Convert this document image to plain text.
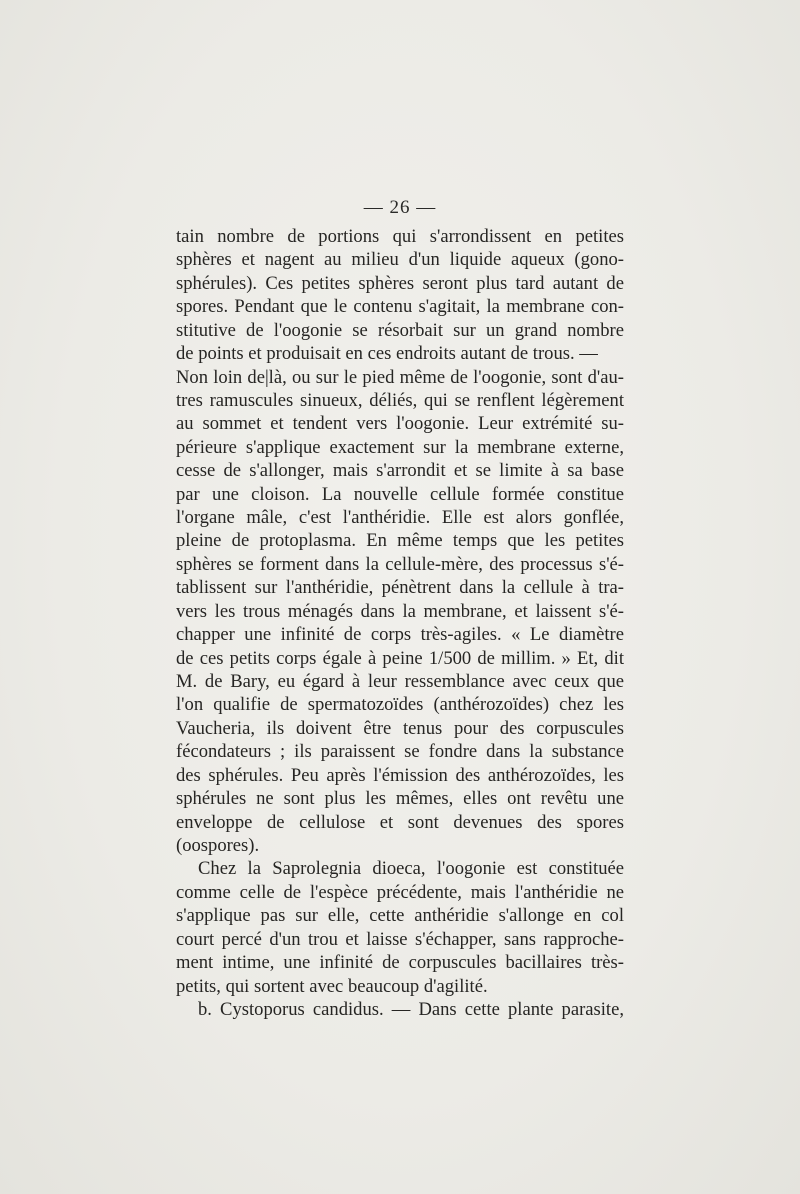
— 26 —
tain nombre de portions qui s'arrondissent en petites
sphères et nagent au milieu d'un liquide aqueux (gono-
sphérules). Ces petites sphères seront plus tard autant de
spores. Pendant que le contenu s'agitait, la membrane con-
stitutive de l'oogonie se résorbait sur un grand nombre
de points et produisait en ces endroits autant de trous. —
Non loin de|là, ou sur le pied même de l'oogonie, sont d'au-
tres ramuscules sinueux, déliés, qui se renflent légèrement
au sommet et tendent vers l'oogonie. Leur extrémité su-
périeure s'applique exactement sur la membrane externe,
cesse de s'allonger, mais s'arrondit et se limite à sa base
par une cloison. La nouvelle cellule formée constitue
l'organe mâle, c'est l'anthéridie. Elle est alors gonflée,
pleine de protoplasma. En même temps que les petites
sphères se forment dans la cellule-mère, des processus s'é-
tablissent sur l'anthéridie, pénètrent dans la cellule à tra-
vers les trous ménagés dans la membrane, et laissent s'é-
chapper une infinité de corps très-agiles. « Le diamètre
de ces petits corps égale à peine 1/500 de millim. » Et, dit
M. de Bary, eu égard à leur ressemblance avec ceux que
l'on qualifie de spermatozoïdes (anthérozoïdes) chez les
Vaucheria, ils doivent être tenus pour des corpuscules
fécondateurs ; ils paraissent se fondre dans la substance
des sphérules. Peu après l'émission des anthérozoïdes, les
sphérules ne sont plus les mêmes, elles ont revêtu une
enveloppe de cellulose et sont devenues des spores
(oospores).
Chez la Saprolegnia dioeca, l'oogonie est constituée
comme celle de l'espèce précédente, mais l'anthéridie ne
s'applique pas sur elle, cette anthéridie s'allonge en col
court percé d'un trou et laisse s'échapper, sans rapproche-
ment intime, une infinité de corpuscules bacillaires très-
petits, qui sortent avec beaucoup d'agilité.
b. Cystoporus candidus. — Dans cette plante parasite,
